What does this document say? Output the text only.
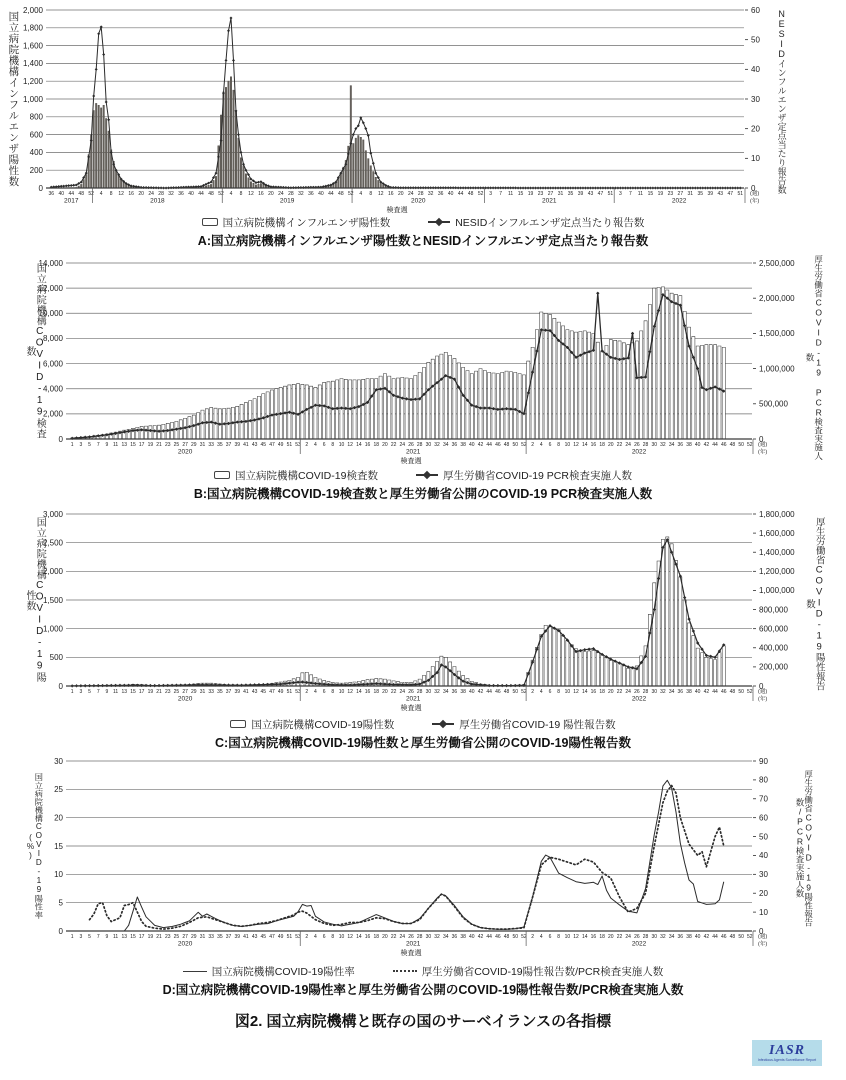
国立病院機構インフルエンザ陽性数	NESIDインフルエンザ定点当たり報告数
0
200
400
600
800
1,000
1,200
1,400
1,600
1,800
2,000
0
10
20
30
40
50
60
36 40 44 48 52
2017
4 8 12 16 20 24 28 32 36 40 44 48 52
2018
4 8 12 16 20 24 28 32 36 40 44 48 52
2019
4 8 12 16 20 24 28 32 36 40 44 48 52
2020
3 7 11 15 19 23 27 31 35 39 43 47 51
2021
3 7 11 15 19 23 27 31 35 39 43 47 51
2022
(週)
(年)
検査週
国立病院機構インフルエンザ陽性数	NESIDインフルエンザ定点当たり報告数
A:国立病院機構インフルエンザ陽性数とNESIDインフルエンザ定点当たり報告数
国立病院機構COVID-19検査数	厚生労働省COVID-19 PCR検査実施人数
0
2,000
4,000
6,000
8,000
10,000
12,000
14,000
0
500,000
1,000,000
1,500,000
2,000,000
2,500,000
1 3 5 7 9 11 13 15 17 19 21 23 25 27 29 31 33 35 37 39 41 43 45 47 49 51 53
2020
2 4 6 8 10 12 14 16 18 20 22 24 26 28 30 32 34 36 38 40 42 44 46 48 50 52
2021
2 4 6 8 10 12 14 16 18 20 22 24 26 28 30 32 34 36 38 40 42 44 46 48 50 52
2022
(週)
(年)
検査週
国立病院機構COVID-19検査数	厚生労働省COVID-19 PCR検査実施人数
B:国立病院機構COVID-19検査数と厚生労働省公開のCOVID-19 PCR検査実施人数
国立病院機構COVID-19陽性数	厚生労働省COVID-19陽性報告数
0
500
1,000
1,500
2,000
2,500
3,000
0
200,000
400,000
600,000
800,000
1,000,000
1,200,000
1,400,000
1,600,000
1,800,000
1 3 5 7 9 11 13 15 17 19 21 23 25 27 29 31 33 35 37 39 41 43 45 47 49 51 53
2020
2 4 6 8 10 12 14 16 18 20 22 24 26 28 30 32 34 36 38 40 42 44 46 48 50 52
2021
2 4 6 8 10 12 14 16 18 20 22 24 26 28 30 32 34 36 38 40 42 44 46 48 50 52
2022
(週)
(年)
検査週
国立病院機構COVID-19陽性数	厚生労働省COVID-19 陽性報告数
C:国立病院機構COVID-19陽性数と厚生労働省公開のCOVID-19陽性報告数
国立病院機構COVID-19陽性率(%)	厚生労働省COVID-19陽性報告数/PCR検査実施人数
0
5
10
15
20
25
30
0
10
20
30
40
50
60
70
80
90
1 3 5 7 9 11 13 15 17 19 21 23 25 27 29 31 33 35 37 39 41 43 45 47 49 51 53
2020
2 4 6 8 10 12 14 16 18 20 22 24 26 28 30 32 34 36 38 40 42 44 46 48 50 52
2021
2 4 6 8 10 12 14 16 18 20 22 24 26 28 30 32 34 36 38 40 42 44 46 48 50 52
2022
(週)
(年)
検査週
国立病院機構COVID-19陽性率	厚生労働省COVID-19陽性報告数/PCR検査実施人数
D:国立病院機構COVID-19陽性率と厚生労働省公開のCOVID-19陽性報告数/PCR検査実施人数
図2. 国立病院機構と既存の国のサーベイランスの各指標
IASR
Infectious Agents Surveillance Report
